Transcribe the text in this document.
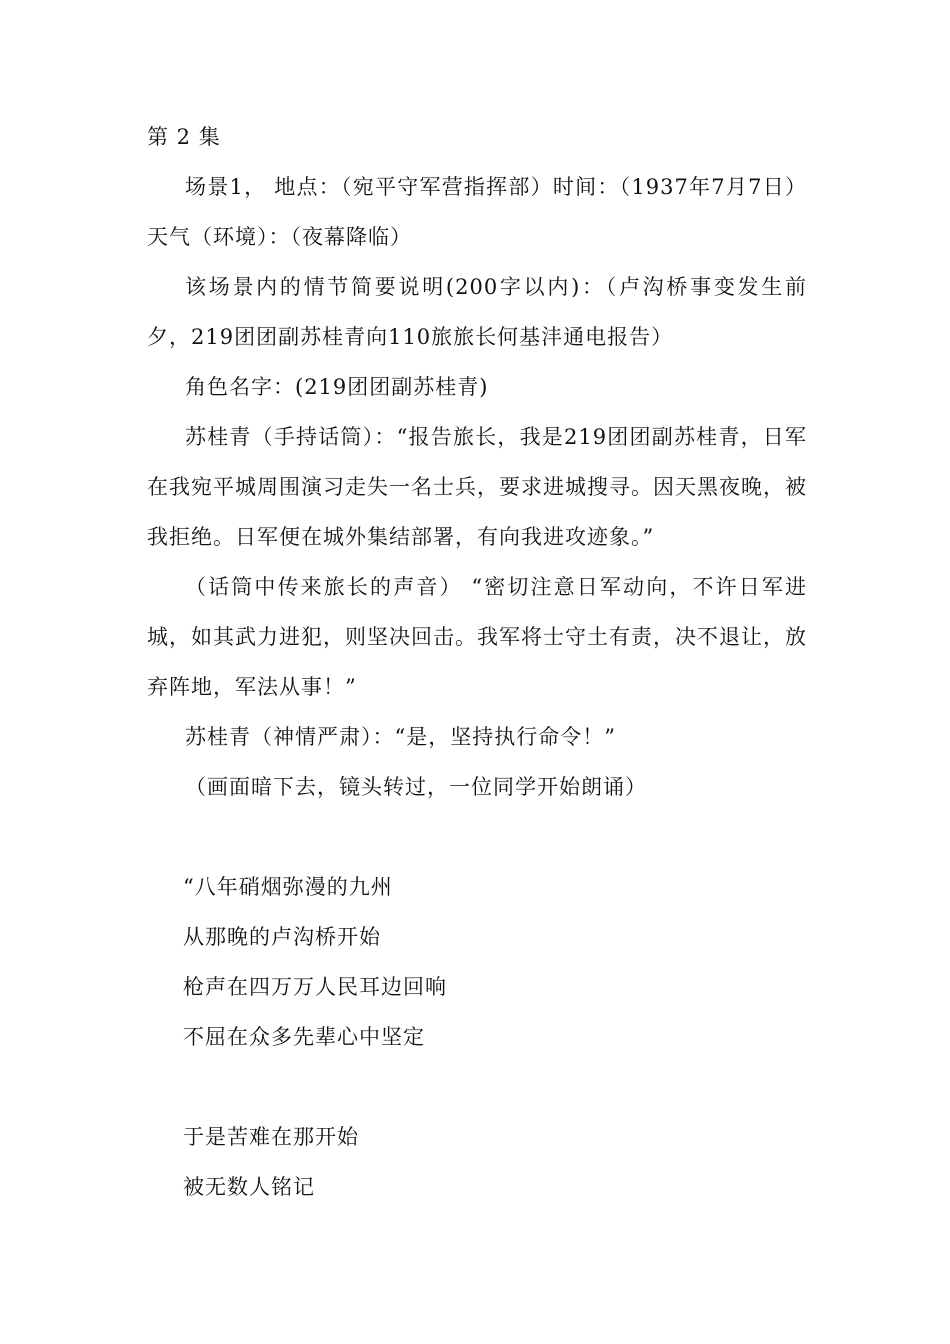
第 2 集

场景1， 地点：（宛平守军营指挥部）时间：（1937年7月7日）天气（环境）：（夜幕降临）

该场景内的情节简要说明(200字以内)：（卢沟桥事变发生前夕，219团团副苏桂青向110旅旅长何基沣通电报告）

角色名字：(219团团副苏桂青)

苏桂青（手持话筒）：“报告旅长，我是219团团副苏桂青，日军在我宛平城周围演习走失一名士兵，要求进城搜寻。因天黑夜晚，被我拒绝。日军便在城外集结部署，有向我进攻迹象。”

（话筒中传来旅长的声音） “密切注意日军动向，不许日军进城，如其武力进犯，则坚决回击。我军将士守土有责，决不退让，放弃阵地，军法从事！”

苏桂青（神情严肃）：“是，坚持执行命令！”

（画面暗下去，镜头转过，一位同学开始朗诵）

“八年硝烟弥漫的九州

从那晚的卢沟桥开始

枪声在四万万人民耳边回响

不屈在众多先辈心中坚定

于是苦难在那开始

被无数人铭记
